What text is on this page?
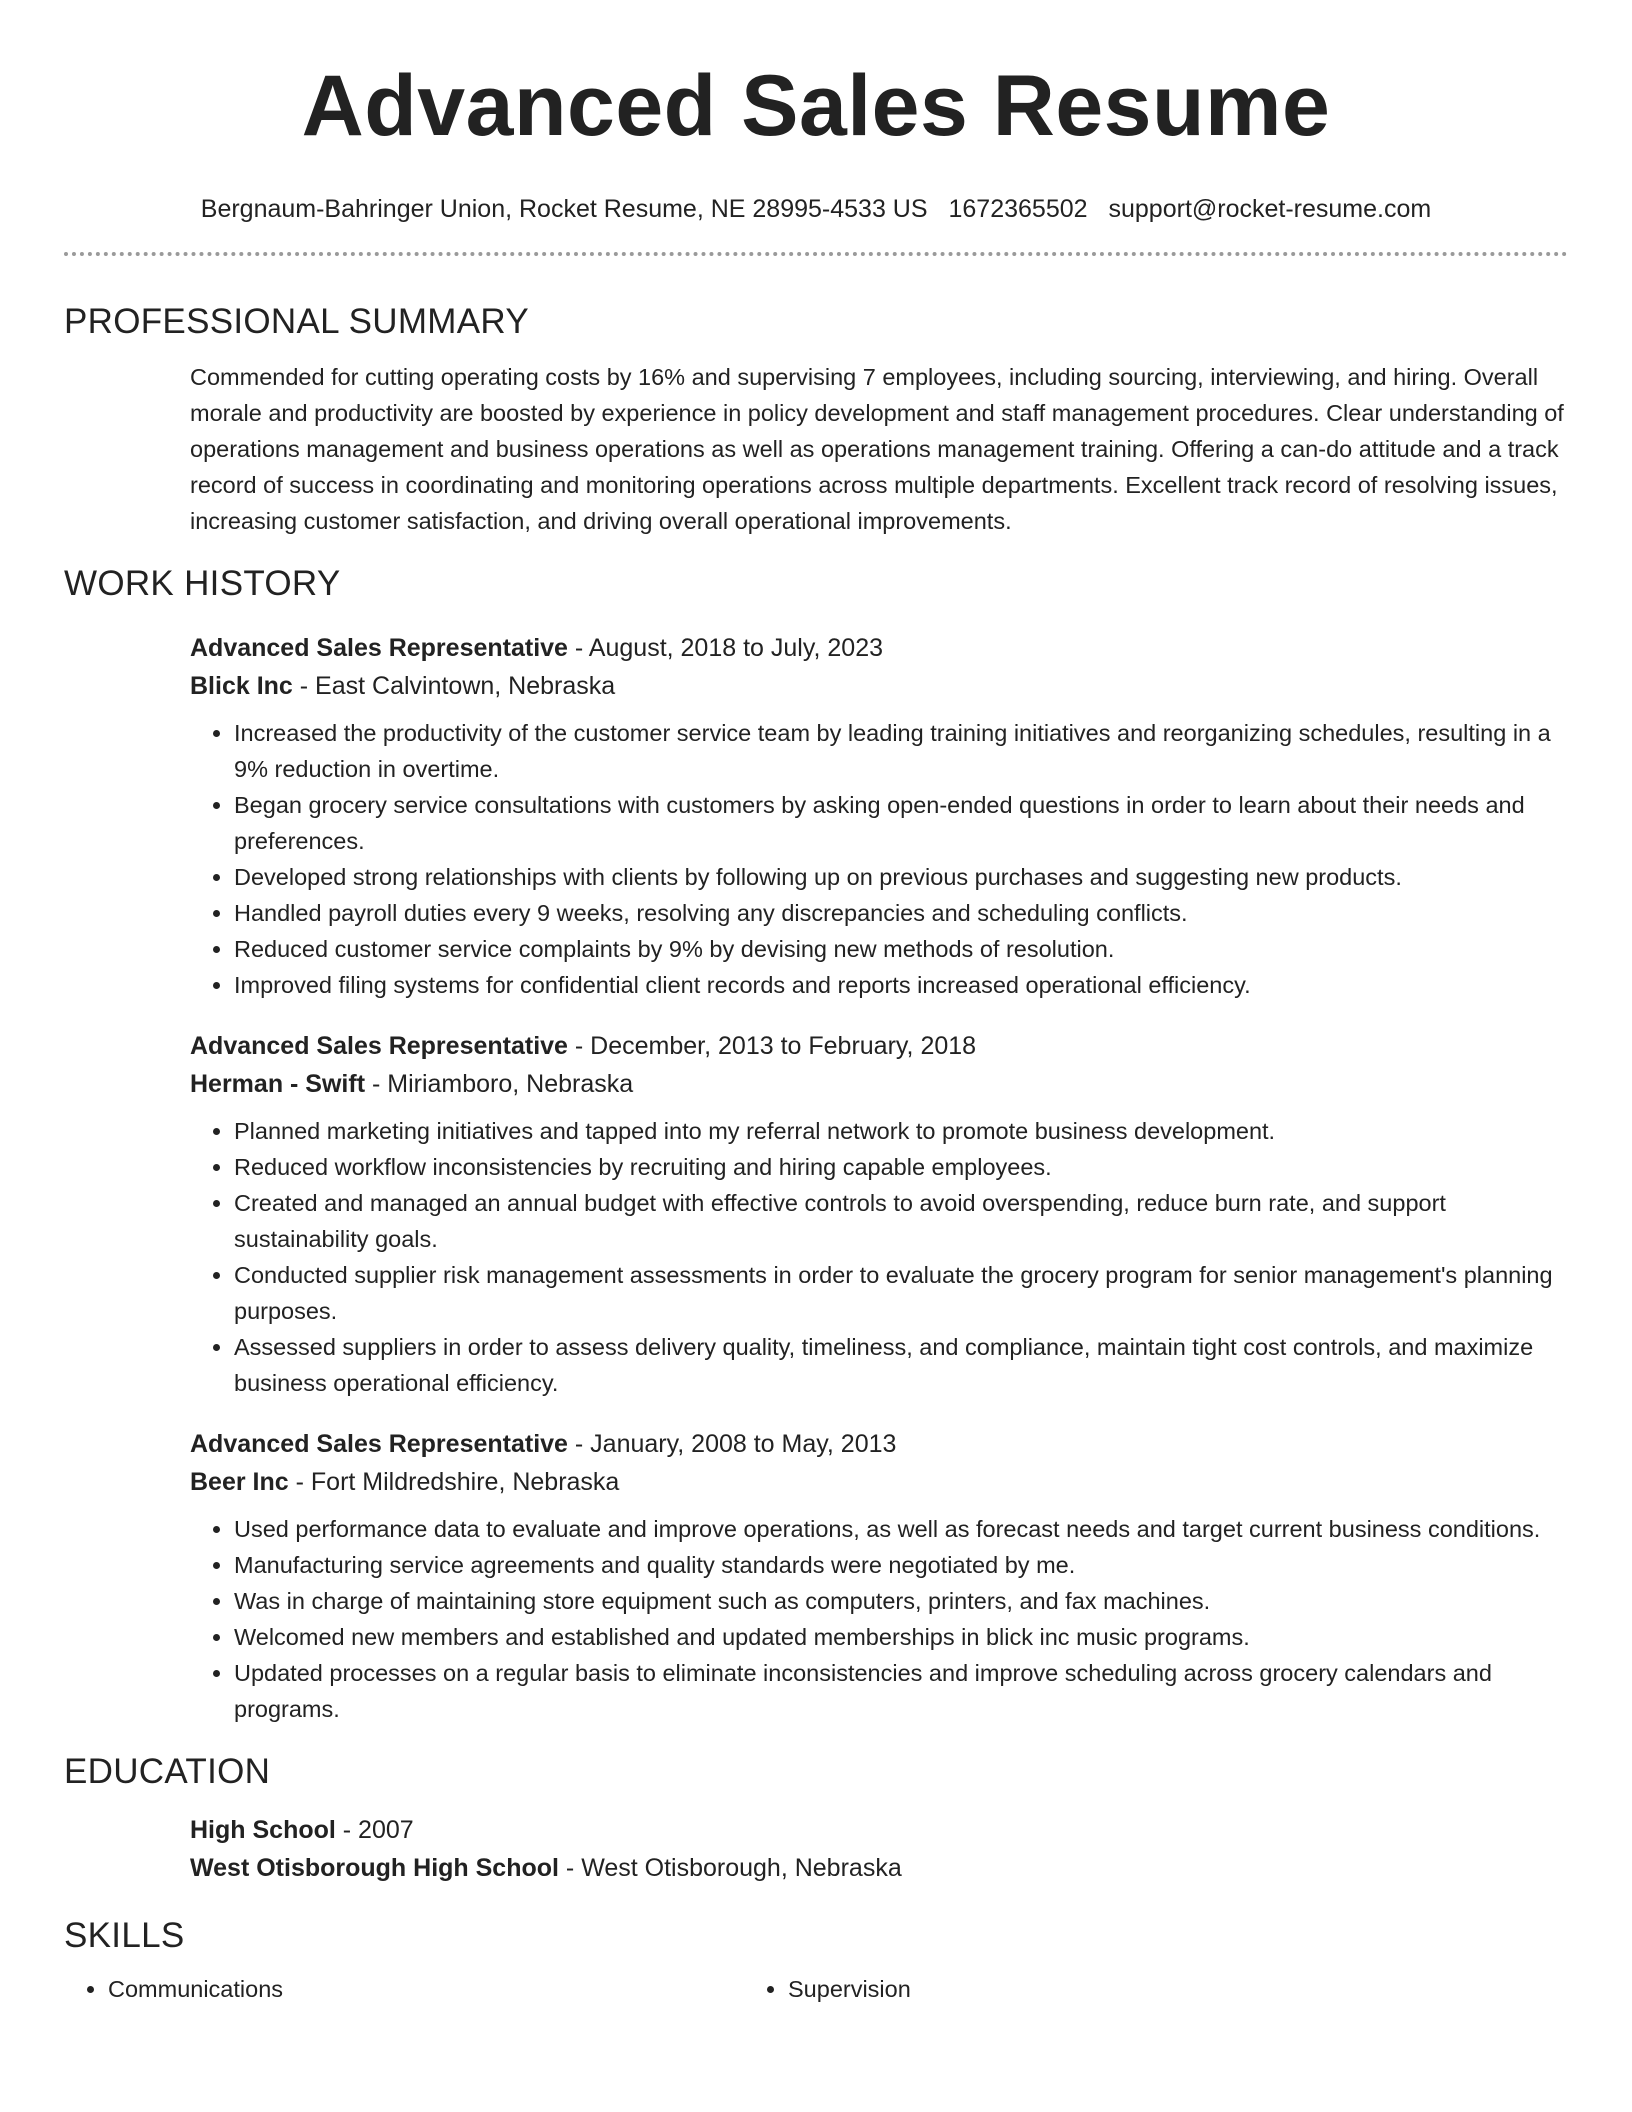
Advanced Sales Resume
Bergnaum-Bahringer Union, Rocket Resume, NE 28995-4533 US 1672365502 support@rocket-resume.com
PROFESSIONAL SUMMARY
Commended for cutting operating costs by 16% and supervising 7 employees, including sourcing, interviewing, and hiring. Overall morale and productivity are boosted by experience in policy development and staff management procedures. Clear understanding of operations management and business operations as well as operations management training. Offering a can-do attitude and a track record of success in coordinating and monitoring operations across multiple departments. Excellent track record of resolving issues, increasing customer satisfaction, and driving overall operational improvements.
WORK HISTORY
Advanced Sales Representative - August, 2018 to July, 2023
Blick Inc - East Calvintown, Nebraska
• Increased the productivity of the customer service team by leading training initiatives and reorganizing schedules, resulting in a 9% reduction in overtime.
• Began grocery service consultations with customers by asking open-ended questions in order to learn about their needs and preferences.
• Developed strong relationships with clients by following up on previous purchases and suggesting new products.
• Handled payroll duties every 9 weeks, resolving any discrepancies and scheduling conflicts.
• Reduced customer service complaints by 9% by devising new methods of resolution.
• Improved filing systems for confidential client records and reports increased operational efficiency.
Advanced Sales Representative - December, 2013 to February, 2018
Herman - Swift - Miriamboro, Nebraska
• Planned marketing initiatives and tapped into my referral network to promote business development.
• Reduced workflow inconsistencies by recruiting and hiring capable employees.
• Created and managed an annual budget with effective controls to avoid overspending, reduce burn rate, and support sustainability goals.
• Conducted supplier risk management assessments in order to evaluate the grocery program for senior management's planning purposes.
• Assessed suppliers in order to assess delivery quality, timeliness, and compliance, maintain tight cost controls, and maximize business operational efficiency.
Advanced Sales Representative - January, 2008 to May, 2013
Beer Inc - Fort Mildredshire, Nebraska
• Used performance data to evaluate and improve operations, as well as forecast needs and target current business conditions.
• Manufacturing service agreements and quality standards were negotiated by me.
• Was in charge of maintaining store equipment such as computers, printers, and fax machines.
• Welcomed new members and established and updated memberships in blick inc music programs.
• Updated processes on a regular basis to eliminate inconsistencies and improve scheduling across grocery calendars and programs.
EDUCATION
High School - 2007
West Otisborough High School - West Otisborough, Nebraska
SKILLS
• Communications
•	Supervision
